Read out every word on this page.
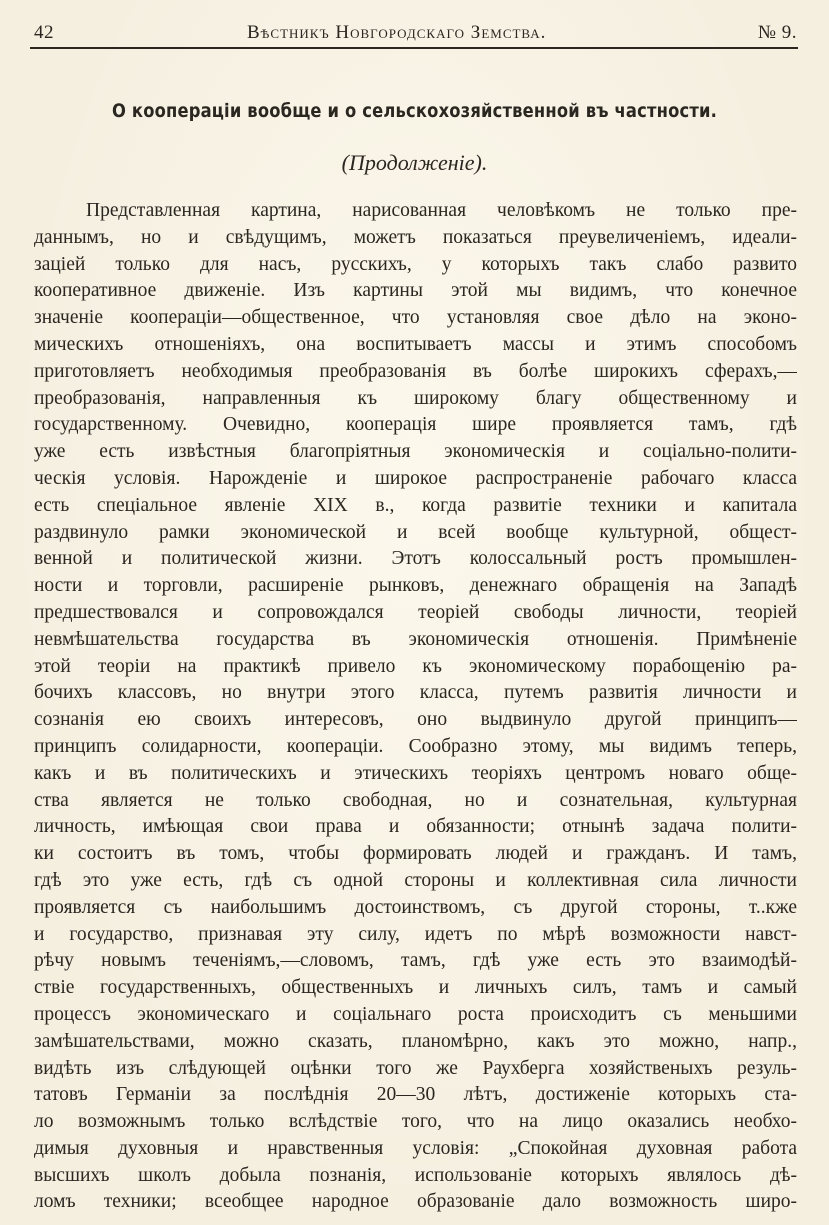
42	Вѣстникъ Новгородскаго Земства.	№ 9.
О коопераціи вообще и о сельскохозяйственной въ частности.
(Продолженіе).
Представленная картина, нарисованная человѣкомъ не только пре-
даннымъ, но и свѣдущимъ, можетъ показаться преувеличеніемъ, идеали-
заціей только для насъ, русскихъ, у которыхъ такъ слабо развито
кооперативное движеніе. Изъ картины этой мы видимъ, что конечное
значеніе коопераціи—общественное, что установляя свое дѣло на эконо-
мическихъ отношеніяхъ, она воспитываетъ массы и этимъ способомъ
приготовляетъ необходимыя преобразованія въ болѣе широкихъ сферахъ,—
преобразованія, направленныя къ широкому благу общественному и
государственному. Очевидно, кооперація шире проявляется тамъ, гдѣ
уже есть извѣстныя благопріятныя экономическія и соціально-полити-
ческія условія. Нарожденіе и широкое распространеніе рабочаго класса
есть спеціальное явленіе XIX в., когда развитіе техники и капитала
раздвинуло рамки экономической и всей вообще культурной, общест-
венной и политической жизни. Этотъ колоссальный ростъ промышлен-
ности и торговли, расширеніе рынковъ, денежнаго обращенія на Западѣ
предшествовался и сопровождался теоріей свободы личности, теоріей
невмѣшательства государства въ экономическія отношенія. Примѣненіе
этой теоріи на практикѣ привело къ экономическому порабощенію ра-
бочихъ классовъ, но внутри этого класса, путемъ развитія личности и
сознанія ею своихъ интересовъ, оно выдвинуло другой принципъ—
принципъ солидарности, коопераціи. Сообразно этому, мы видимъ теперь,
какъ и въ политическихъ и этическихъ теоріяхъ центромъ новаго обще-
ства является не только свободная, но и сознательная, культурная
личность, имѣющая свои права и обязанности; отнынѣ задача полити-
ки состоитъ въ томъ, чтобы формировать людей и гражданъ. И тамъ,
гдѣ это уже есть, гдѣ съ одной стороны и коллективная сила личности
проявляется съ наибольшимъ достоинствомъ, съ другой стороны, т..кже
и государство, признавая эту силу, идетъ по мѣрѣ возможности навст-
рѣчу новымъ теченіямъ,—словомъ, тамъ, гдѣ уже есть это взаимодѣй-
ствіе государственныхъ, общественныхъ и личныхъ силъ, тамъ и самый
процессъ экономическаго и соціальнаго роста происходитъ съ меньшими
замѣшательствами, можно сказать, планомѣрно, какъ это можно, напр.,
видѣть изъ слѣдующей оцѣнки того же Раухберга хозяйственыхъ резуль-
татовъ Германіи за послѣднія 20—30 лѣтъ, достиженіе которыхъ ста-
ло возможнымъ только вслѣдствіе того, что на лицо оказались необхо-
димыя духовныя и нравственныя условія: „Спокойная духовная работа
высшихъ школъ добыла познанія, использованіе которыхъ являлось дѣ-
ломъ техники; всеобщее народное образованіе дало возможность широ-
